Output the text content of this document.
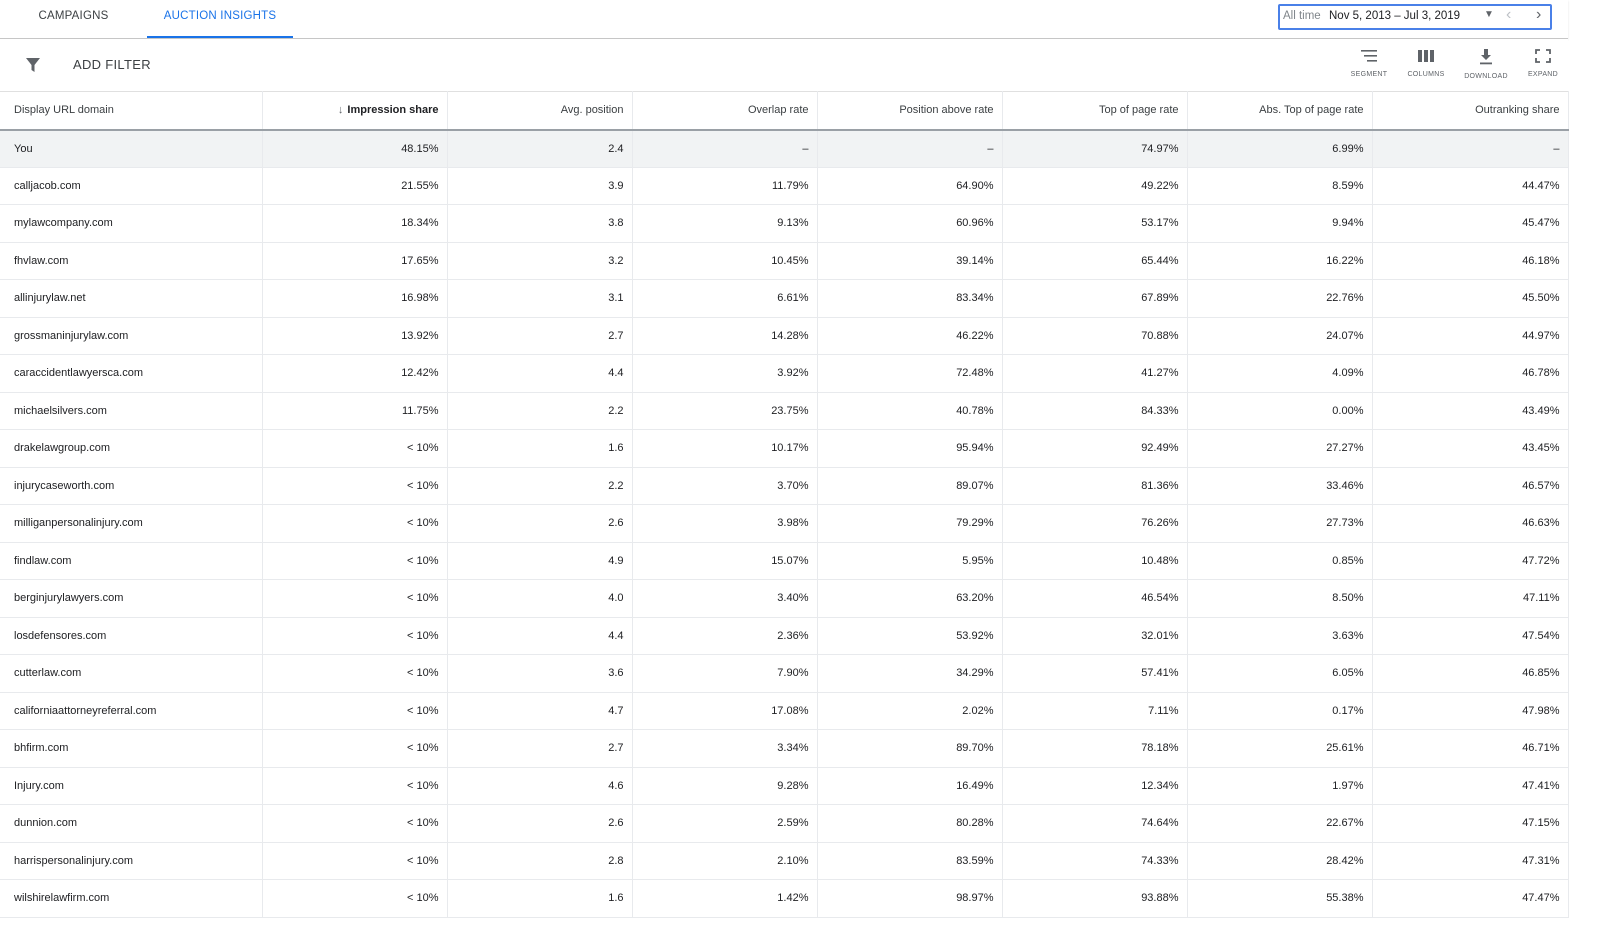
CAMPAIGNS	AUCTION INSIGHTS	All time Nov 5, 2013 – Jul 3, 2019 ▼ ‹ ›
ADD FILTER
SEGMENT	COLUMNS	DOWNLOAD	EXPAND
Display URL domain	↓ Impression share	Avg. position	Overlap rate	Position above rate	Top of page rate	Abs. Top of page rate	Outranking share
You	48.15%	2.4	–	–	74.97%	6.99%	–
calljacob.com	21.55%	3.9	11.79%	64.90%	49.22%	8.59%	44.47%
mylawcompany.com	18.34%	3.8	9.13%	60.96%	53.17%	9.94%	45.47%
fhvlaw.com	17.65%	3.2	10.45%	39.14%	65.44%	16.22%	46.18%
allinjurylaw.net	16.98%	3.1	6.61%	83.34%	67.89%	22.76%	45.50%
grossmaninjurylaw.com	13.92%	2.7	14.28%	46.22%	70.88%	24.07%	44.97%
caraccidentlawyersca.com	12.42%	4.4	3.92%	72.48%	41.27%	4.09%	46.78%
michaelsilvers.com	11.75%	2.2	23.75%	40.78%	84.33%	0.00%	43.49%
drakelawgroup.com	< 10%	1.6	10.17%	95.94%	92.49%	27.27%	43.45%
injurycaseworth.com	< 10%	2.2	3.70%	89.07%	81.36%	33.46%	46.57%
milliganpersonalinjury.com	< 10%	2.6	3.98%	79.29%	76.26%	27.73%	46.63%
findlaw.com	< 10%	4.9	15.07%	5.95%	10.48%	0.85%	47.72%
berginjurylawyers.com	< 10%	4.0	3.40%	63.20%	46.54%	8.50%	47.11%
losdefensores.com	< 10%	4.4	2.36%	53.92%	32.01%	3.63%	47.54%
cutterlaw.com	< 10%	3.6	7.90%	34.29%	57.41%	6.05%	46.85%
californiaattorneyreferral.com	< 10%	4.7	17.08%	2.02%	7.11%	0.17%	47.98%
bhfirm.com	< 10%	2.7	3.34%	89.70%	78.18%	25.61%	46.71%
Injury.com	< 10%	4.6	9.28%	16.49%	12.34%	1.97%	47.41%
dunnion.com	< 10%	2.6	2.59%	80.28%	74.64%	22.67%	47.15%
harrispersonalinjury.com	< 10%	2.8	2.10%	83.59%	74.33%	28.42%	47.31%
wilshirelawfirm.com	< 10%	1.6	1.42%	98.97%	93.88%	55.38%	47.47%
